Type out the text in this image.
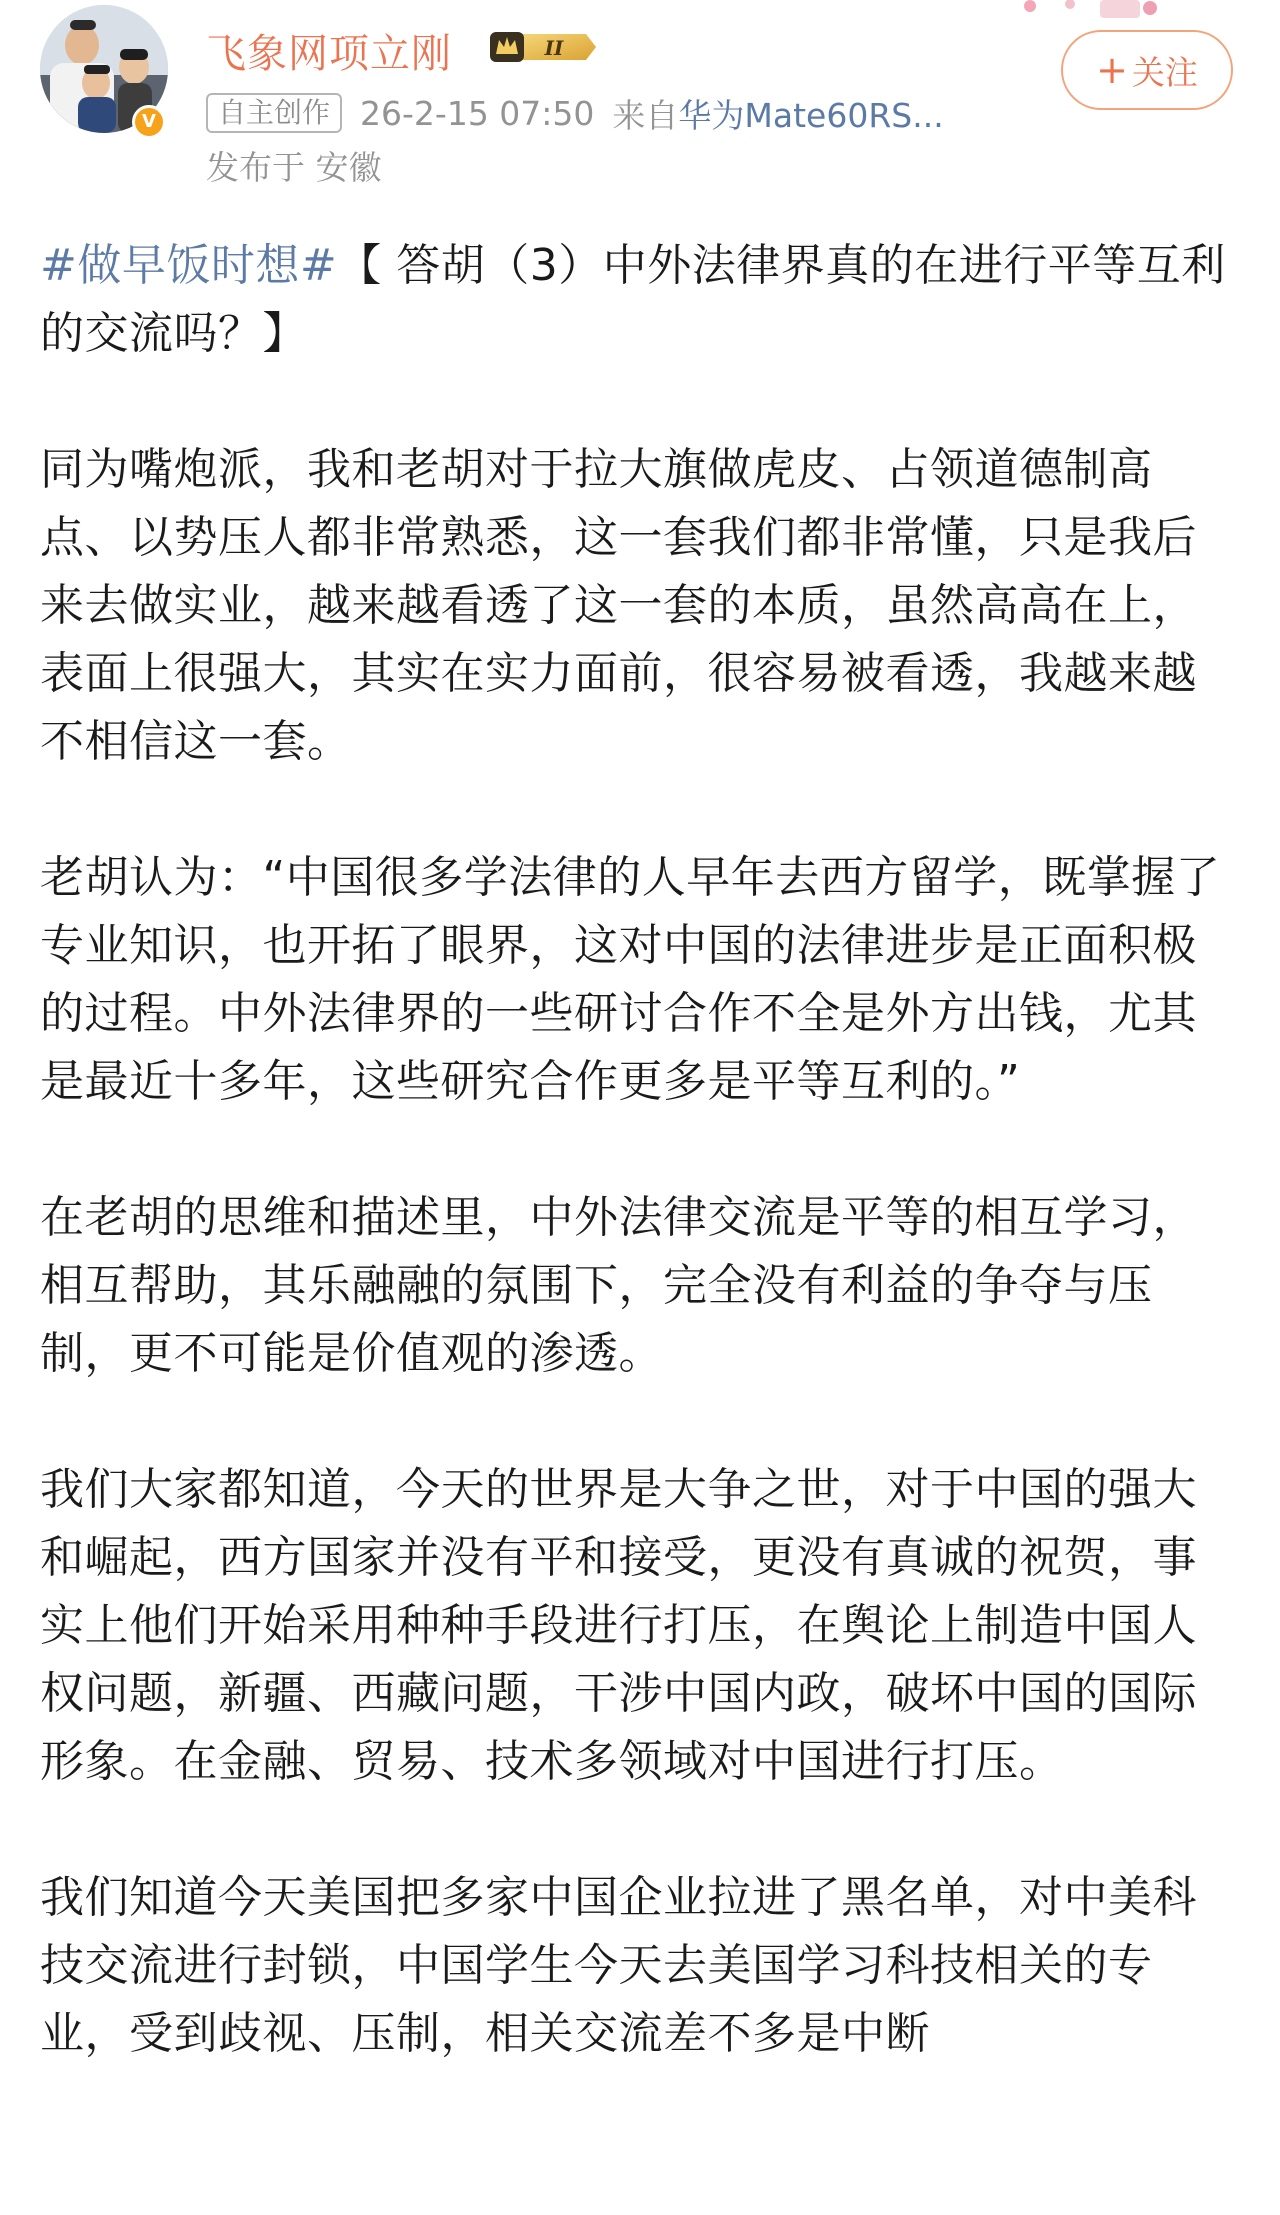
V
飞象网项立刚	II
自主创作 26-2-15 07:50 来自 华为Mate60RS...
发布于 安徽
+ 关注

#做早饭时想#【 答胡（3）中外法律界真的在进行平等互利的交流吗？】

同为嘴炮派，我和老胡对于拉大旗做虎皮、占领道德制高点、以势压人都非常熟悉，这一套我们都非常懂，只是我后来去做实业，越来越看透了这一套的本质，虽然高高在上，表面上很强大，其实在实力面前，很容易被看透，我越来越不相信这一套。

老胡认为：“中国很多学法律的人早年去西方留学，既掌握了专业知识，也开拓了眼界，这对中国的法律进步是正面积极的过程。中外法律界的一些研讨合作不全是外方出钱，尤其是最近十多年，这些研究合作更多是平等互利的。”

在老胡的思维和描述里，中外法律交流是平等的相互学习，相互帮助，其乐融融的氛围下，完全没有利益的争夺与压制，更不可能是价值观的渗透。

我们大家都知道，今天的世界是大争之世，对于中国的强大和崛起，西方国家并没有平和接受，更没有真诚的祝贺，事实上他们开始采用种种手段进行打压，在舆论上制造中国人权问题，新疆、西藏问题，干涉中国内政，破坏中国的国际形象。在金融、贸易、技术多领域对中国进行打压。

我们知道今天美国把多家中国企业拉进了黑名单，对中美科技交流进行封锁，中国学生今天去美国学习科技相关的专业，受到歧视、压制，相关交流差不多是中断
